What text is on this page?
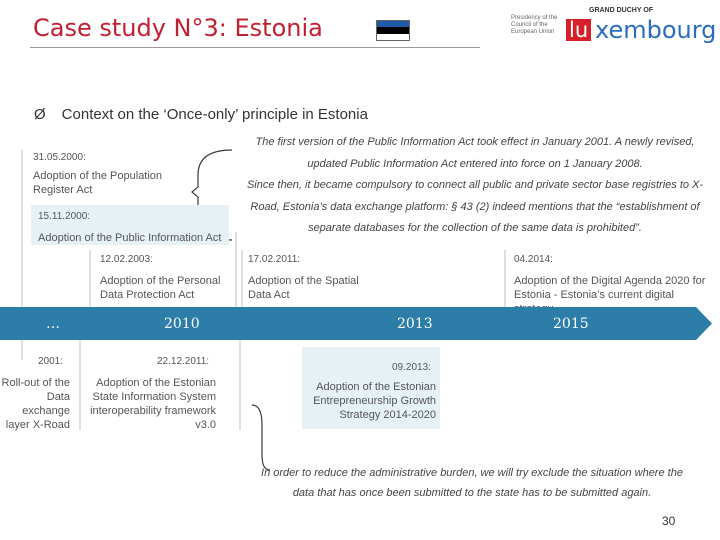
Case study N°3: Estonia	Presidency of the Council of the European Union
GRAND DUCHY OF
lu xembourg
Ø Context on the ‘Once-only’ principle in Estonia
The first version of the Public Information Act took effect in January 2001. A newly revised,
updated Public Information Act entered into force on 1 January 2008.
Since then, it became compulsory to connect all public and private sector base registries to X-
Road, Estonia’s data exchange platform: § 43 (2) indeed mentions that the “establishment of
separate databases for the collection of the same data is prohibited”.
31.05.2000:
Adoption of the Population Register Act
15.11.2000:
Adoption of the Public Information Act
12.02.2003:
Adoption of the Personal Data Protection Act
17.02.2011:
Adoption of the Spatial Data Act
04.2014:
Adoption of the Digital Agenda 2020 for Estonia - Estonia’s current digital
…	2010	2013	2015
2001:
Roll-out of the Data exchange layer X-Road
22.12.2011:
Adoption of the Estonian State Information System interoperability framework v3.0
09.2013:
Adoption of the Estonian Entrepreneurship Growth Strategy 2014-2020
In order to reduce the administrative burden, we will try exclude the situation where the
data that has once been submitted to the state has to be submitted again.
30
